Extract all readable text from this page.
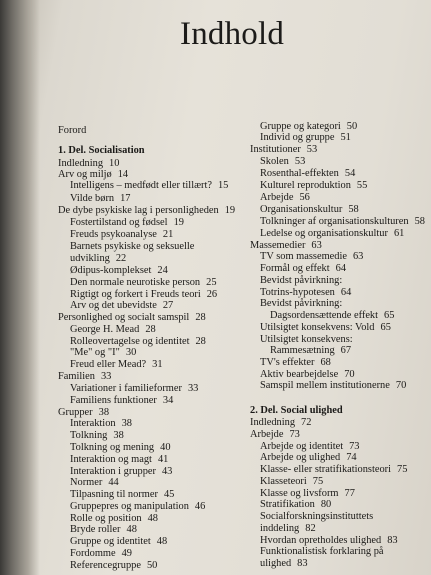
Indhold
Forord
1. Del. Socialisation
Indledning 10
Arv og miljø 14
Intelligens – medfødt eller tillært? 15
Vilde børn 17
De dybe psykiske lag i personligheden 19
Fostertilstand og fødsel 19
Freuds psykoanalyse 21
Barnets psykiske og seksuelle
udvikling 22
Ødipus-komplekset 24
Den normale neurotiske person 25
Rigtigt og forkert i Freuds teori 26
Arv og det ubevidste 27
Personlighed og socialt samspil 28
George H. Mead 28
Rolleovertagelse og identitet 28
"Me" og "I" 30
Freud eller Mead? 31
Familien 33
Variationer i familieformer 33
Familiens funktioner 34
Grupper 38
Interaktion 38
Tolkning 38
Tolkning og mening 40
Interaktion og magt 41
Interaktion i grupper 43
Normer 44
Tilpasning til normer 45
Gruppepres og manipulation 46
Rolle og position 48
Bryde roller 48
Gruppe og identitet 48
Fordomme 49
Referencegruppe 50
Gruppe og kategori 50
Individ og gruppe 51
Institutioner 53
Skolen 53
Rosenthal-effekten 54
Kulturel reproduktion 55
Arbejde 56
Organisationskultur 58
Tolkninger af organisationskulturen 58
Ledelse og organisationskultur 61
Massemedier 63
TV som massemedie 63
Formål og effekt 64
Bevidst påvirkning:
Totrins-hypotesen 64
Bevidst påvirkning:
Dagsordensættende effekt 65
Utilsigtet konsekvens: Vold 65
Utilsigtet konsekvens:
Rammesætning 67
TV's effekter 68
Aktiv bearbejdelse 70
Samspil mellem institutionerne 70
2. Del. Social ulighed
Indledning 72
Arbejde 73
Arbejde og identitet 73
Arbejde og ulighed 74
Klasse- eller stratifikationsteori 75
Klasseteori 75
Klasse og livsform 77
Stratifikation 80
Socialforskningsinstituttets
inddeling 82
Hvordan opretholdes ulighed 83
Funktionalistisk forklaring på
ulighed 83
